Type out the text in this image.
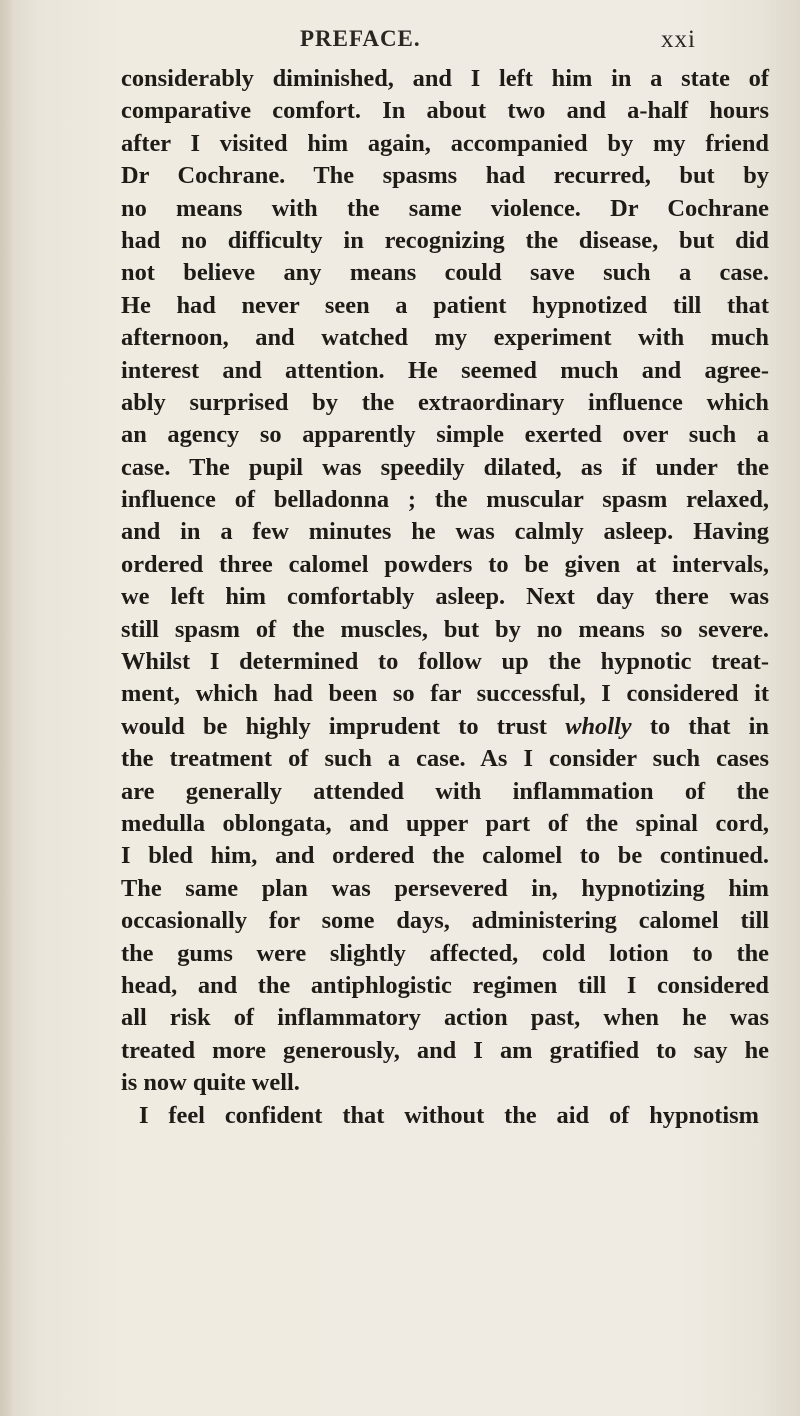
PREFACE.	xxi
considerably diminished, and I left him in a state of
comparative comfort. In about two and a-half hours
after I visited him again, accompanied by my friend
Dr Cochrane. The spasms had recurred, but by
no means with the same violence. Dr Cochrane
had no difficulty in recognizing the disease, but did
not believe any means could save such a case.
He had never seen a patient hypnotized till that
afternoon, and watched my experiment with much
interest and attention. He seemed much and agree-
ably surprised by the extraordinary influence which
an agency so apparently simple exerted over such a
case. The pupil was speedily dilated, as if under the
influence of belladonna ; the muscular spasm relaxed,
and in a few minutes he was calmly asleep. Having
ordered three calomel powders to be given at intervals,
we left him comfortably asleep. Next day there was
still spasm of the muscles, but by no means so severe.
Whilst I determined to follow up the hypnotic treat-
ment, which had been so far successful, I considered it
would be highly imprudent to trust wholly to that in
the treatment of such a case. As I consider such cases
are generally attended with inflammation of the
medulla oblongata, and upper part of the spinal cord,
I bled him, and ordered the calomel to be continued.
The same plan was persevered in, hypnotizing him
occasionally for some days, administering calomel till
the gums were slightly affected, cold lotion to the
head, and the antiphlogistic regimen till I considered
all risk of inflammatory action past, when he was
treated more generously, and I am gratified to say he
is now quite well.
I feel confident that without the aid of hypnotism
